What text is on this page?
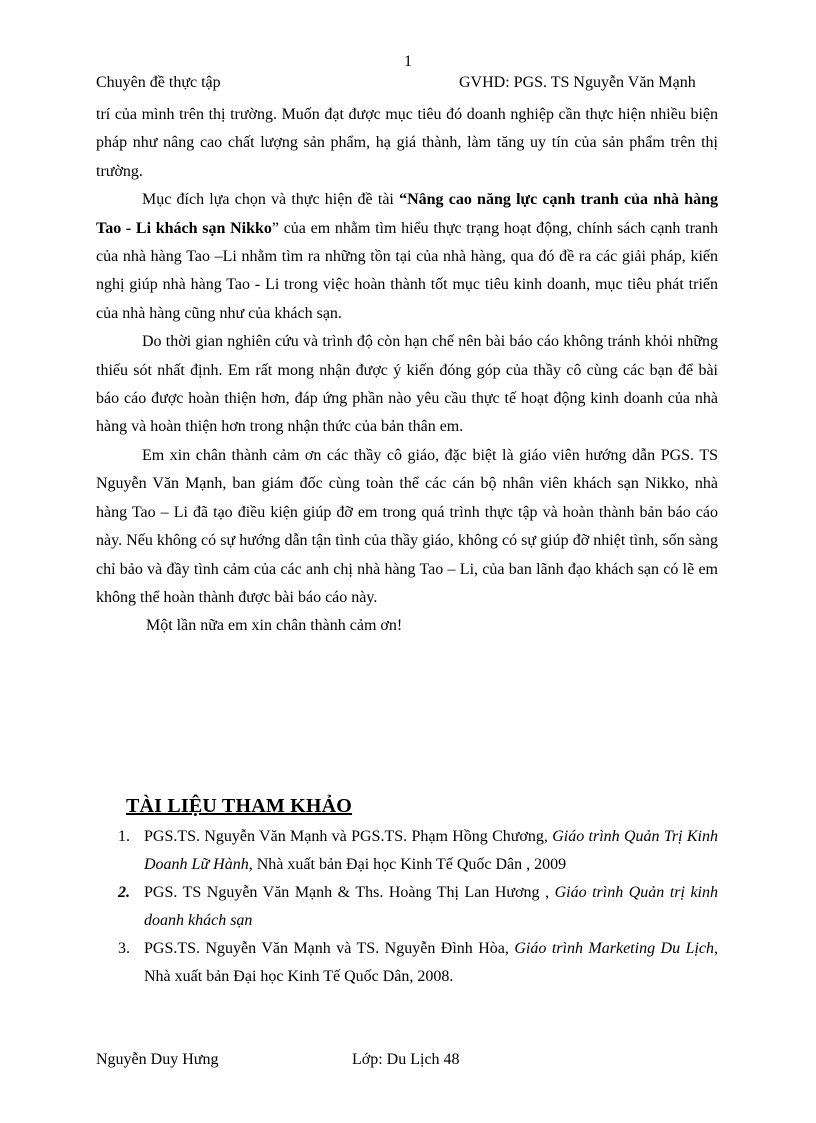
1
Chuyên đề thực tập	GVHD: PGS. TS Nguyễn Văn Mạnh

trí của mình trên thị trường. Muốn đạt được mục tiêu đó doanh nghiệp cần thực hiện nhiều biện pháp như nâng cao chất lượng sản phẩm, hạ giá thành, làm tăng uy tín của sản phẩm trên thị trường.

Mục đích lựa chọn và thực hiện đề tài “Nâng cao năng lực cạnh tranh của nhà hàng Tao - Li khách sạn Nikko” của em nhằm tìm hiểu thực trạng hoạt động, chính sách cạnh tranh của nhà hàng Tao –Li nhằm tìm ra những tồn tại của nhà hàng, qua đó đề ra các giải pháp, kiến nghị giúp nhà hàng Tao - Li trong việc hoàn thành tốt mục tiêu kinh doanh, mục tiêu phát triển của nhà hàng cũng như của khách sạn.

Do thời gian nghiên cứu và trình độ còn hạn chế nên bài báo cáo không tránh khỏi những thiếu sót nhất định. Em rất mong nhận được ý kiến đóng góp của thầy cô cùng các bạn để bài báo cáo được hoàn thiện hơn, đáp ứng phần nào yêu cầu thực tế hoạt động kinh doanh của nhà hàng và hoàn thiện hơn trong nhận thức của bản thân em.

Em xin chân thành cảm ơn các thầy cô giáo, đặc biệt là giáo viên hướng dẫn PGS. TS Nguyễn Văn Mạnh, ban giám đốc cùng toàn thể các cán bộ nhân viên khách sạn Nikko, nhà hàng Tao – Li đã tạo điều kiện giúp đỡ em trong quá trình thực tập và hoàn thành bản báo cáo này. Nếu không có sự hướng dẫn tận tình của thầy giáo, không có sự giúp đỡ nhiệt tình, sốn sàng chỉ bảo và đầy tình cảm của các anh chị nhà hàng Tao – Li, của ban lãnh đạo khách sạn có lẽ em không thể hoàn thành được bài báo cáo này.

Một lần nữa em xin chân thành cảm ơn!

TÀI LIỆU THAM KHẢO
1. PGS.TS. Nguyễn Văn Mạnh và PGS.TS. Phạm Hồng Chương, Giáo trình Quản Trị Kinh Doanh Lữ Hành, Nhà xuất bản Đại học Kinh Tế Quốc Dân , 2009
2. PGS. TS Nguyễn Văn Mạnh & Ths. Hoàng Thị Lan Hương , Giáo trình Quản trị kinh doanh khách sạn
3. PGS.TS. Nguyễn Văn Mạnh và TS. Nguyễn Đình Hòa, Giáo trình Marketing Du Lịch, Nhà xuất bản Đại học Kinh Tế Quốc Dân, 2008.
Nguyễn Duy Hưng	Lớp: Du Lịch 48
